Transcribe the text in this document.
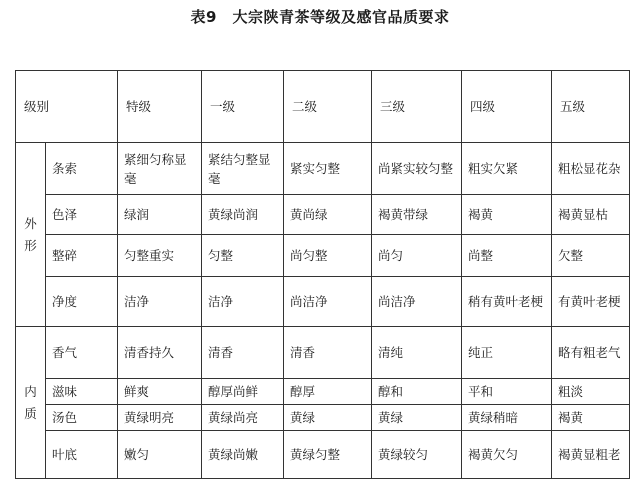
表9　大宗陕青茶等级及感官品质要求
级别		特级	一级	二级	三级	四级	五级

外
形	条索	紧细匀称显毫	紧结匀整显毫	紧实匀整	尚紧实较匀整	粗实欠紧	粗松显花杂
	色泽	绿润	黄绿尚润	黄尚绿	褐黄带绿	褐黄	褐黄显枯
	整碎	匀整重实	匀整	尚匀整	尚匀	尚整	欠整
	净度	洁净	洁净	尚洁净	尚洁净	稍有黄叶老梗	有黄叶老梗

内
质	香气	清香持久	清香	清香	清纯	纯正	略有粗老气
	滋味	鲜爽	醇厚尚鲜	醇厚	醇和	平和	粗淡
	汤色	黄绿明亮	黄绿尚亮	黄绿	黄绿	黄绿稍暗	褐黄
	叶底	嫩匀	黄绿尚嫩	黄绿匀整	黄绿较匀	褐黄欠匀	褐黄显粗老
